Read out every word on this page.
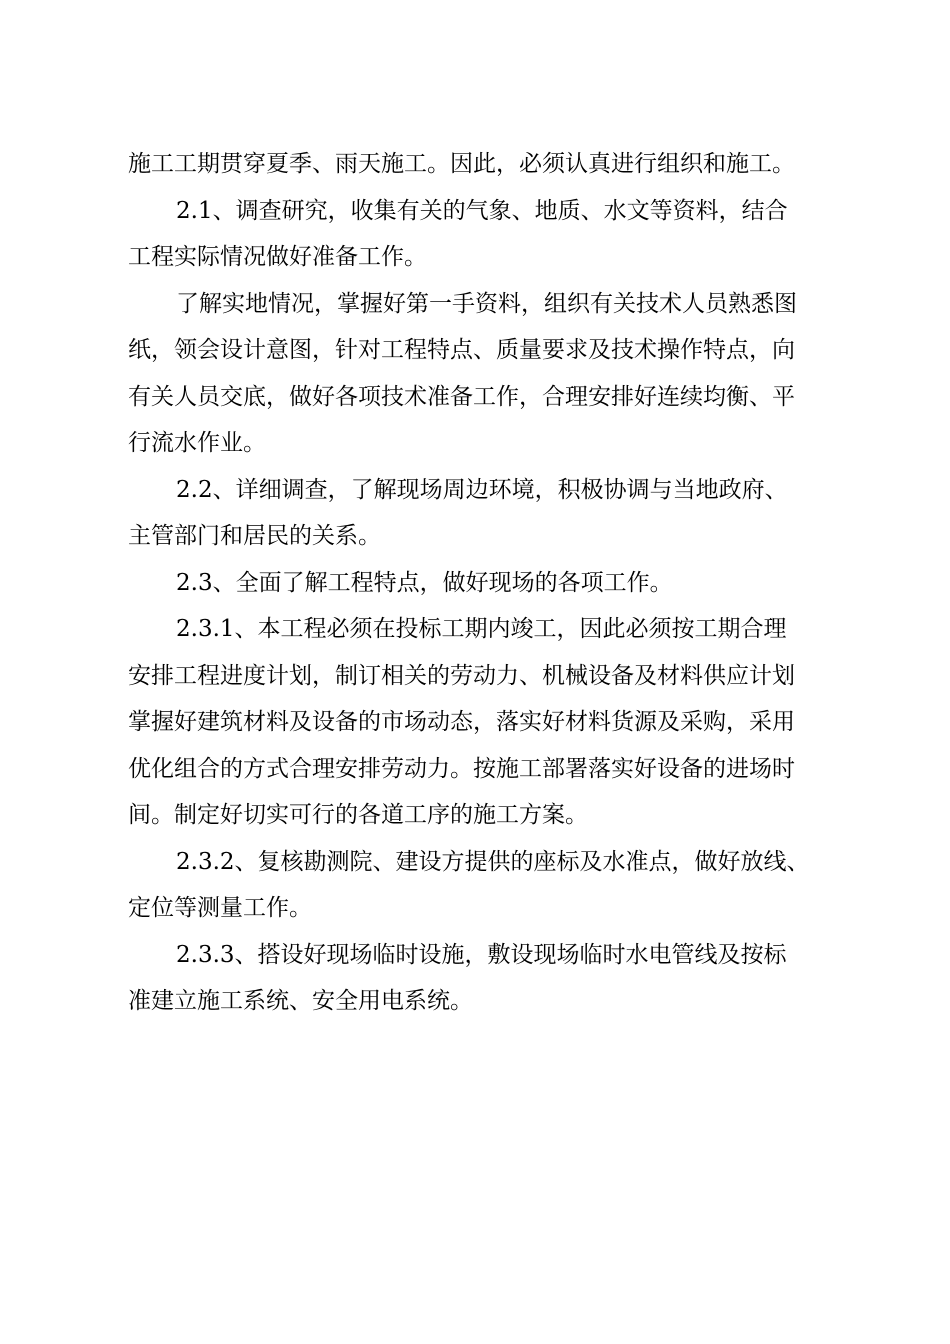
施工工期贯穿夏季、雨天施工。因此，必须认真进行组织和施工。
2.1、调查研究，收集有关的气象、地质、水文等资料，结合
工程实际情况做好准备工作。
了解实地情况，掌握好第一手资料，组织有关技术人员熟悉图
纸，领会设计意图，针对工程特点、质量要求及技术操作特点，向
有关人员交底，做好各项技术准备工作，合理安排好连续均衡、平
行流水作业。
2.2、详细调查，了解现场周边环境，积极协调与当地政府、
主管部门和居民的关系。
2.3、全面了解工程特点，做好现场的各项工作。
2.3.1、本工程必须在投标工期内竣工，因此必须按工期合理
安排工程进度计划，制订相关的劳动力、机械设备及材料供应计划
掌握好建筑材料及设备的市场动态，落实好材料货源及采购，采用
优化组合的方式合理安排劳动力。按施工部署落实好设备的进场时
间。制定好切实可行的各道工序的施工方案。
2.3.2、复核勘测院、建设方提供的座标及水准点，做好放线、
定位等测量工作。
2.3.3、搭设好现场临时设施，敷设现场临时水电管线及按标
准建立施工系统、安全用电系统。
